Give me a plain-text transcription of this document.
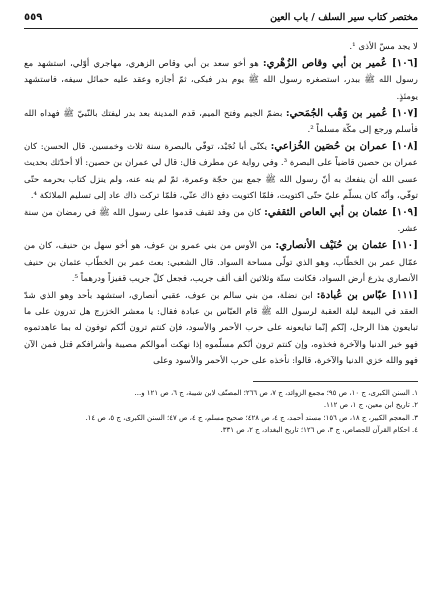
مختصر كتاب سير السلف / باب العين
٥٥٩

لا يجد مسّ الأذى ¹.

[١٠٦] عُمير بن أبي وقاص الزُهْري: هو أخو سعد بن أبي وقاص الزهري، مهاجري أوّلي، استشهد مع رسول الله ﷺ ببدر، استصغره رسول الله ﷺ يوم بدر فبكى، ثمّ أجازه وعقد عليه حمائل سيفه، فاستشهد يومئذٍ.

[١٠٧] عُمير بن وَهْب الجُمَحي: بضمّ الجيم وفتح الميم، قدم المدينة بعد بدر ليفتك بالنّبيّ ﷺ فهداه الله فأسلم ورجع إلى مكّة مسلماً ².

[١٠٨] عمران بن حُصَين الخُزاعي: يكنّى أبا نُجَيْد، توفّي بالبصرة سنة ثلاث وخمسين. قال الحسن: كان عمران بن حصين قاضياً على البصرة ³. وفي رواية عن مطرف قال: قال لي عمران بن حصين: ألا أحدّثك بحديث عسى الله أن ينفعك به أنّ رسول الله ﷺ جمع بين حجّة وعمرة، ثمّ لم ينه عنه، ولم ينزل كتاب بحرمه حتّى توفّي، وأنّه كان يسلّم عليّ حتّى اكتويت، فلمّا اكتويت دفع ذاك عنّي، فلمّا تركت ذاك عاد إلى تسليم الملائكة ⁴.

[١٠٩] عثمان بن أبي العاص الثقفي: كان من وفد ثقيف قدموا على رسول الله ﷺ في رمضان من سنة عشر.

[١١٠] عثمان بن حُنَيْف الأنصاري: من الأوس من بني عمرو بن عوف، هو أخو سهل بن حنيف، كان من عمّال عمر بن الخطّاب، وهو الذي تولّى مساحة السواد. قال الشعبي: بعث عمر بن الخطّاب عثمان بن حنيف الأنصاري يذرع أرض السواد، فكانت ستّة وثلاثين ألف ألف جريب، فجعل كلّ جريب قفيزاً ودرهماً ⁵.

[١١١] عبّاس بن عُبادة: ابن نضلة، من بني سالم بن عوف، عقبي أنصاري، استشهد بأحد وهو الذي شدّ العقد في البيعة ليلة العقبة لرسول الله ﷺ قام العبّاس بن عبادة فقال: يا معشر الخزرج هل تدرون على ما تبايعون هذا الرجل، إنّكم إنّما تبايعونه على حرب الأحمر والأسود، فإن كنتم ترون أنّكم توفون له بما عاهدتموه فهو خير الدنيا والآخرة فخذوه، وإن كنتم ترون أنّكم مسلّموه إذا نهكت أموالكم مصيبة وأشرافكم قتل فمن الآن فهو والله خزي الدنيا والآخرة، قالوا: نأخذه على حرب الأحمر والأسود وعلى

١. السنن الكبرى، ج ١٠، ص ٩٥؛ مجمع الزوائد، ج ٧، ص ٢٦٦؛ المصنّف لابن شيبة، ج ٦، ص ١٢١ و...
٢. تاريخ ابن معين، ج ١، ص ١١٢.
٣. المعجم الكبير، ج ١٨، ص ١٥٦؛ مسند أحمد، ج ٤، ص ٤٢٨؛ صحيح مسلم، ج ٤، ص ٤٧؛ السنن الكبرى، ج ٥، ص ١٤.
٤. احكام القرآن للجصاص، ج ٣، ص ١٢٦؛ تاريخ البغداد، ج ٢، ص ٣٣١.
